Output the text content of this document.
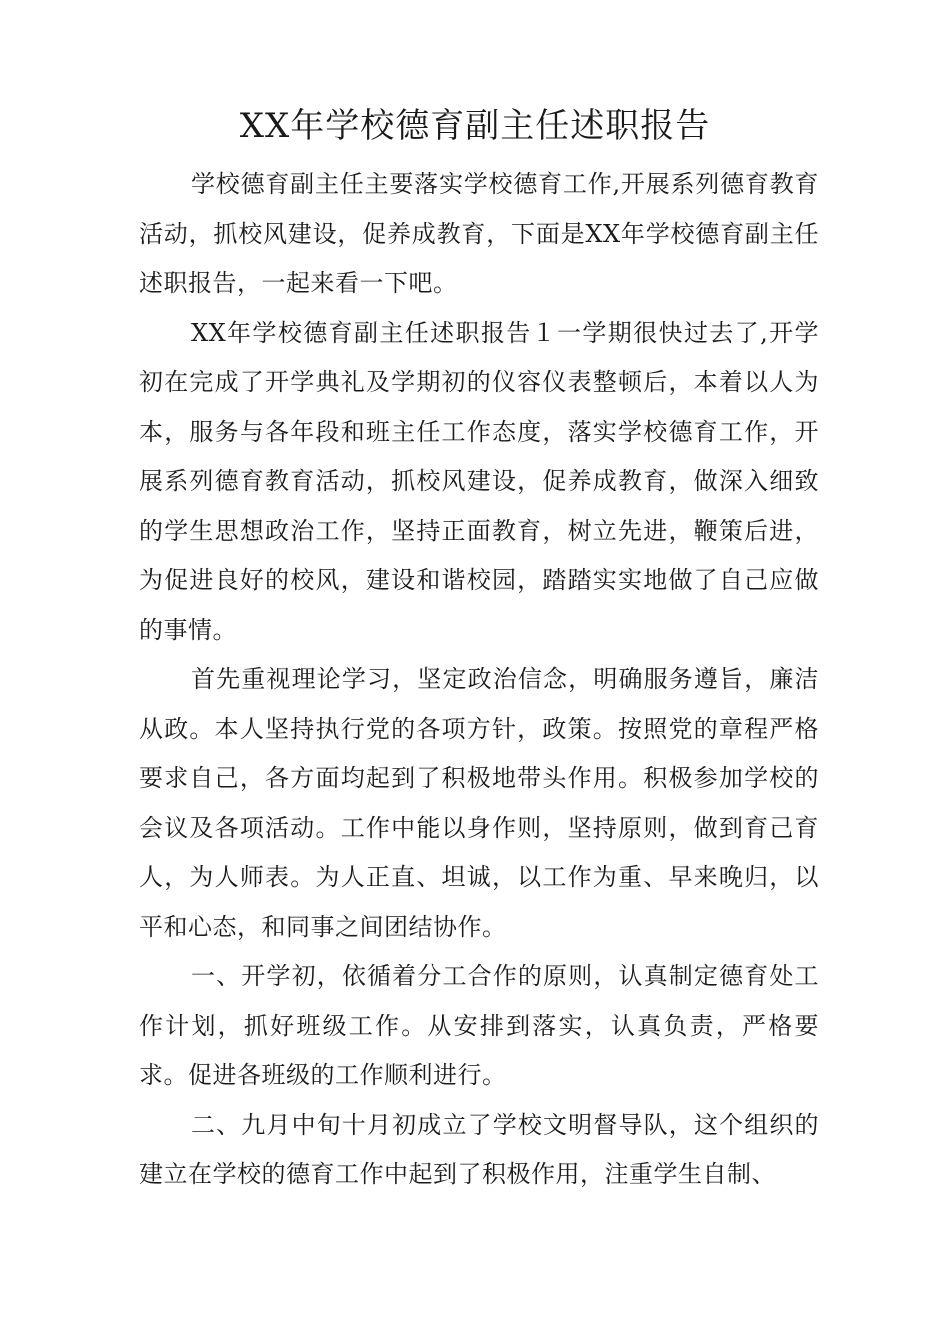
XX年学校德育副主任述职报告

学校德育副主任主要落实学校德育工作,开展系列德育教育活动，抓校风建设，促养成教育，下面是XX年学校德育副主任述职报告，一起来看一下吧。

XX年学校德育副主任述职报告１一学期很快过去了,开学初在完成了开学典礼及学期初的仪容仪表整顿后，本着以人为本，服务与各年段和班主任工作态度，落实学校德育工作，开展系列德育教育活动，抓校风建设，促养成教育，做深入细致的学生思想政治工作，坚持正面教育，树立先进，鞭策后进，为促进良好的校风，建设和谐校园，踏踏实实地做了自己应做的事情。

首先重视理论学习，坚定政治信念，明确服务遵旨，廉洁从政。本人坚持执行党的各项方针，政策。按照党的章程严格要求自己，各方面均起到了积极地带头作用。积极参加学校的会议及各项活动。工作中能以身作则，坚持原则，做到育己育人，为人师表。为人正直、坦诚，以工作为重、早来晚归，以平和心态，和同事之间团结协作。

一、开学初，依循着分工合作的原则，认真制定德育处工作计划，抓好班级工作。从安排到落实，认真负责，严格要求。促进各班级的工作顺利进行。

二、九月中旬十月初成立了学校文明督导队，这个组织的建立在学校的德育工作中起到了积极作用，注重学生自制、
